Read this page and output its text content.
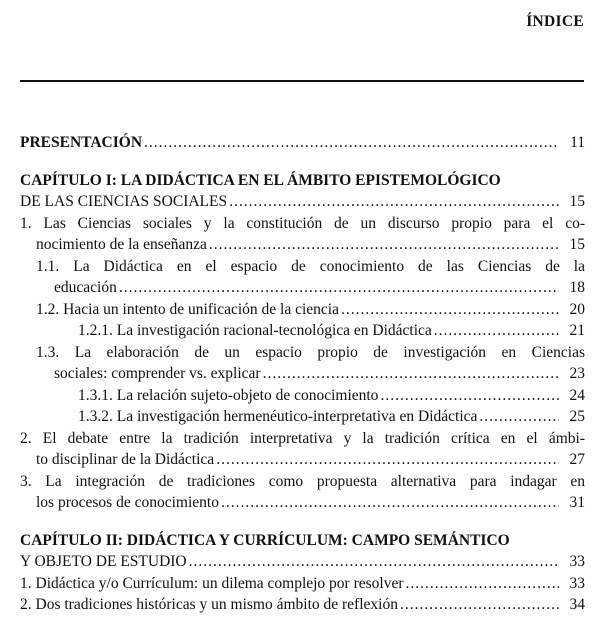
ÍNDICE
PRESENTACIÓN .....	11
CAPÍTULO I: LA DIDÁCTICA EN EL ÁMBITO EPISTEMOLÓGICO
DE LAS CIENCIAS SOCIALES .....	15
1. Las Ciencias sociales y la constitución de un discurso propio para el co-
nocimiento de la enseñanza .....	15
1.1. La Didáctica en el espacio de conocimiento de las Ciencias de la
educación .....	18
1.2. Hacia un intento de unificación de la ciencia .....	20
1.2.1. La investigación racional-tecnológica en Didáctica .....	21
1.3. La elaboración de un espacio propio de investigación en Ciencias
sociales: comprender vs. explicar .....	23
1.3.1. La relación sujeto-objeto de conocimiento .....	24
1.3.2. La investigación hermenéutico-interpretativa en Didáctica .....	25
2. El debate entre la tradición interpretativa y la tradición crítica en el ámbi-
to disciplinar de la Didáctica .....	27
3. La integración de tradiciones como propuesta alternativa para indagar en
los procesos de conocimiento .....	31
CAPÍTULO II: DIDÁCTICA Y CURRÍCULUM: CAMPO SEMÁNTICO
Y OBJETO DE ESTUDIO .....	33
1. Didáctica y/o Currículum: un dilema complejo por resolver .....	33
2. Dos tradiciones históricas y un mismo ámbito de reflexión .....	34
